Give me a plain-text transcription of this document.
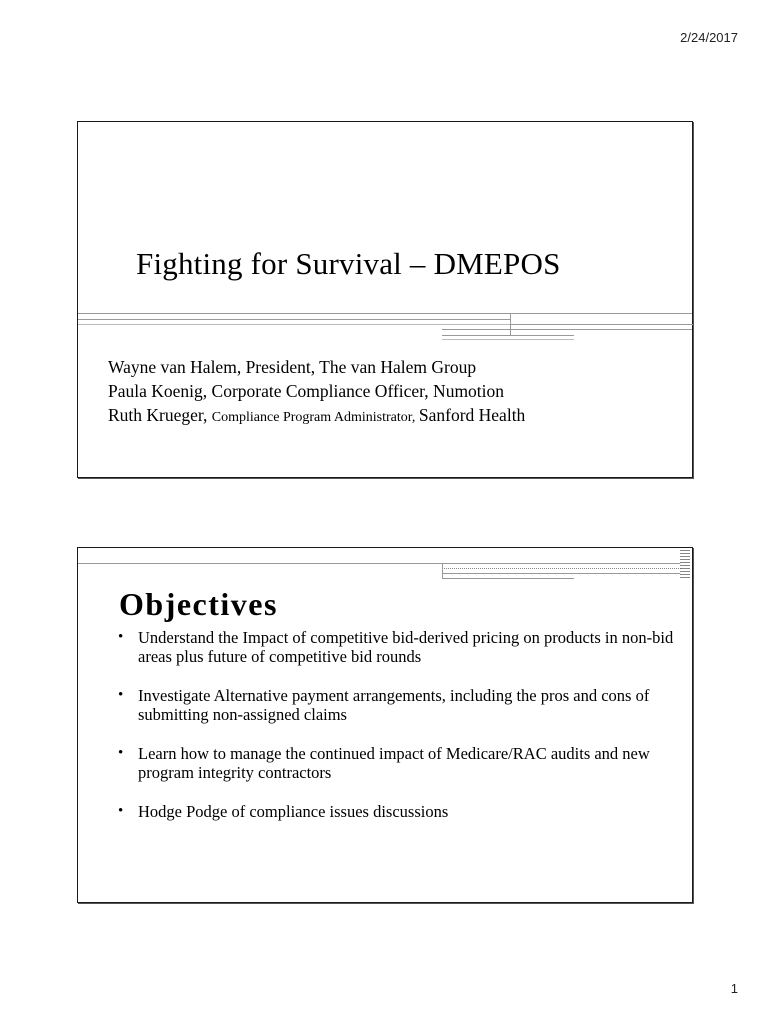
2/24/2017
Fighting for Survival – DMEPOS
Wayne van Halem, President, The van Halem Group
Paula Koenig, Corporate Compliance Officer, Numotion
Ruth Krueger, Compliance Program Administrator, Sanford Health
Objectives
• Understand the Impact of competitive bid-derived pricing on products in non-bid areas plus future of competitive bid rounds
• Investigate Alternative payment arrangements, including the pros and cons of submitting non-assigned claims
• Learn how to manage the continued impact of Medicare/RAC audits and new program integrity contractors
• Hodge Podge of compliance issues discussions
1
